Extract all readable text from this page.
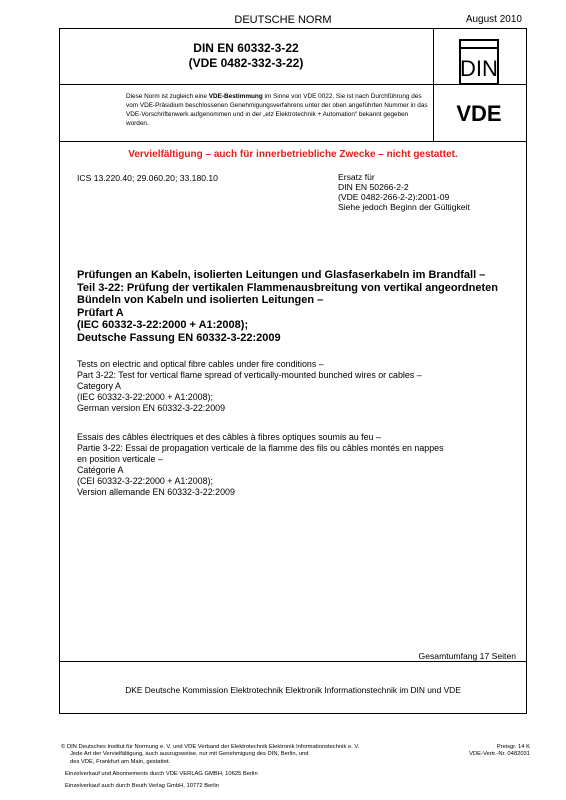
DEUTSCHE NORM	August 2010
DIN EN 60332-3-22
(VDE 0482-332-3-22)	DIN
Diese Norm ist zugleich eine VDE-Bestimmung im Sinne von VDE 0022. Sie ist nach Durchführung des vom VDE-Präsidium beschlossenen Genehmigungsverfahrens unter der oben angeführten Nummer in das VDE-Vorschriftenwerk aufgenommen und in der „etz Elektrotechnik + Automation“ bekannt gegeben worden.	VDE
Vervielfältigung – auch für innerbetriebliche Zwecke – nicht gestattet.
ICS 13.220.40; 29.060.20; 33.180.10	Ersatz für
DIN EN 50266-2-2
(VDE 0482-266-2-2):2001-09
Siehe jedoch Beginn der Gültigkeit
Prüfungen an Kabeln, isolierten Leitungen und Glasfaserkabeln im Brandfall –
Teil 3-22: Prüfung der vertikalen Flammenausbreitung von vertikal angeordneten
Bündeln von Kabeln und isolierten Leitungen –
Prüfart A
(IEC 60332-3-22:2000 + A1:2008);
Deutsche Fassung EN 60332-3-22:2009
Tests on electric and optical fibre cables under fire conditions –
Part 3-22: Test for vertical flame spread of vertically-mounted bunched wires or cables –
Category A
(IEC 60332-3-22:2000 + A1:2008);
German version EN 60332-3-22:2009
Essais des câbles électriques et des câbles à fibres optiques soumis au feu –
Partie 3-22: Essai de propagation verticale de la flamme des fils ou câbles montés en nappes
en position verticale –
Catégorie A
(CEI 60332-3-22:2000 + A1:2008);
Version allemande EN 60332-3-22:2009
Gesamtumfang 17 Seiten
DKE Deutsche Kommission Elektrotechnik Elektronik Informationstechnik im DIN und VDE
© DIN Deutsches Institut für Normung e. V. und VDE Verband der Elektrotechnik Elektronik Informationstechnik e. V.
Jede Art der Vervielfältigung, auch auszugsweise, nur mit Genehmigung des DIN, Berlin, und
des VDE, Frankfurt am Main, gestattet.
Preisgr. 14 K
VDE-Vertr.-Nr. 0482031
Einzelverkauf und Abonnements durch VDE VERLAG GMBH, 10625 Berlin
Einzelverkauf auch durch Beuth Verlag GmbH, 10772 Berlin
